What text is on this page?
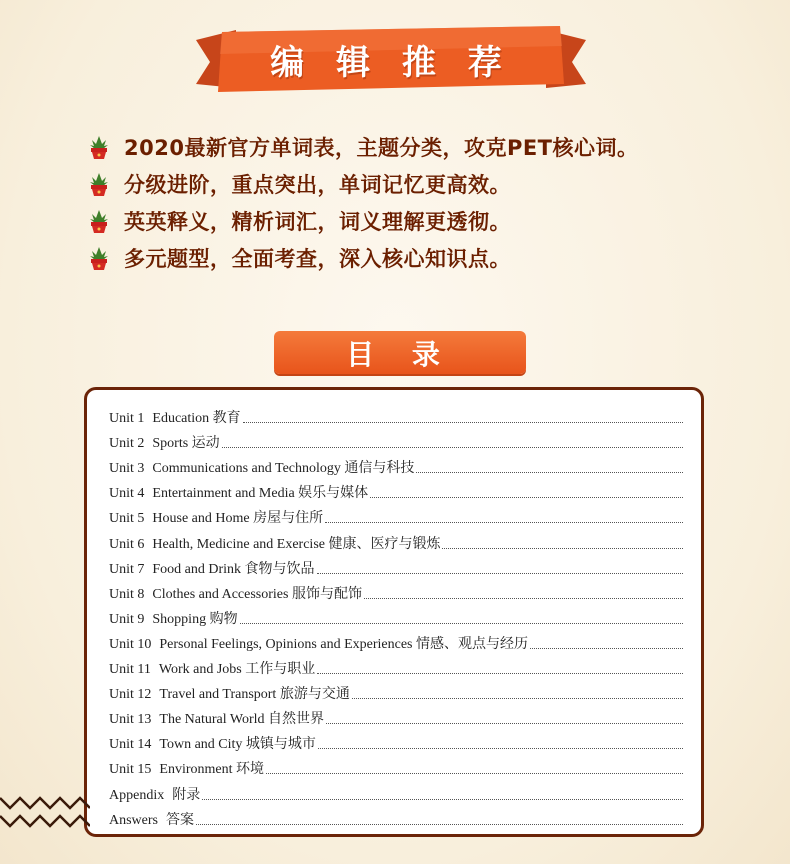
编 辑 推 荐
2020最新官方单词表，主题分类，攻克PET核心词。
分级进阶，重点突出，单词记忆更高效。
英英释义，精析词汇，词义理解更透彻。
多元题型，全面考查，深入核心知识点。
目 录
Unit 1 Education 教育
Unit 2 Sports 运动
Unit 3 Communications and Technology 通信与科技
Unit 4 Entertainment and Media 娱乐与媒体
Unit 5 House and Home 房屋与住所
Unit 6 Health, Medicine and Exercise 健康、医疗与锻炼
Unit 7 Food and Drink 食物与饮品
Unit 8 Clothes and Accessories 服饰与配饰
Unit 9 Shopping 购物
Unit 10 Personal Feelings, Opinions and Experiences 情感、观点与经历
Unit 11 Work and Jobs 工作与职业
Unit 12 Travel and Transport 旅游与交通
Unit 13 The Natural World 自然世界
Unit 14 Town and City 城镇与城市
Unit 15 Environment 环境
Appendix 附录
Answers 答案
